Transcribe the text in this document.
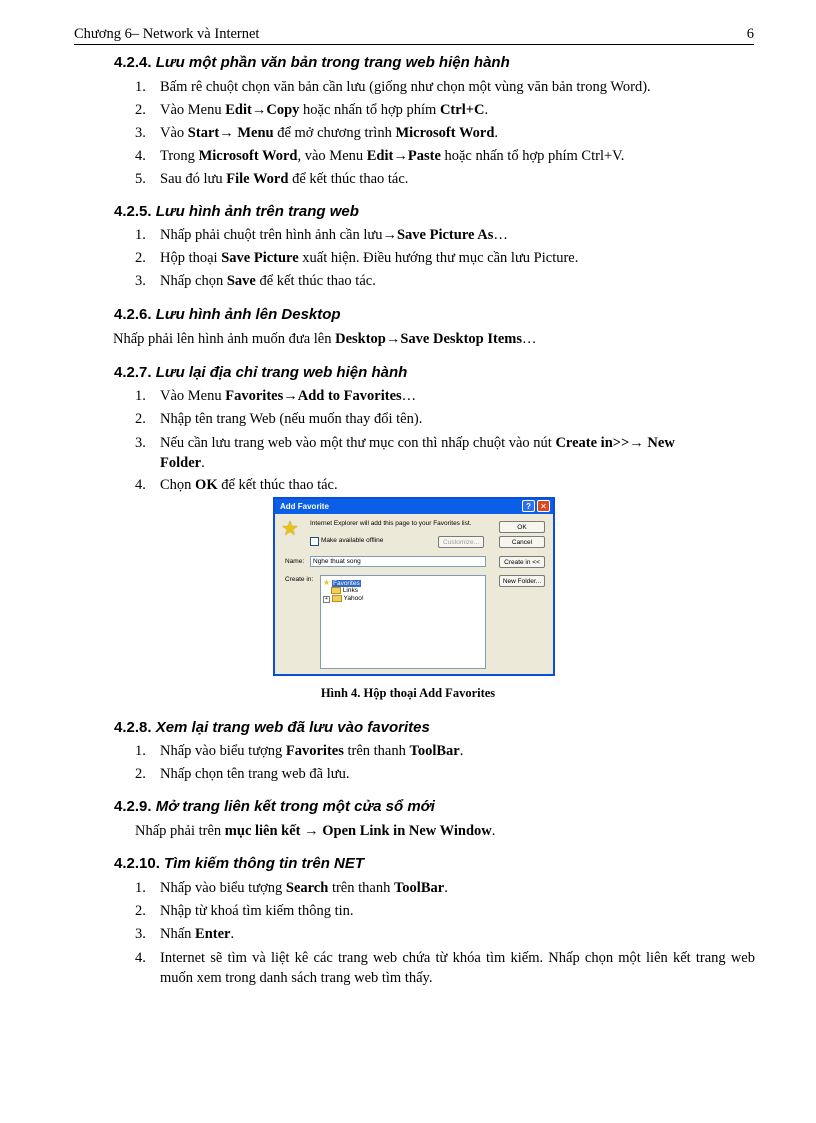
Chương 6– Network và Internet	6
4.2.4. Lưu một phần văn bản trong trang web hiện hành
1. Bấm rê chuột chọn văn bản cần lưu (giống như chọn một vùng văn bản trong Word).
2. Vào Menu Edit→Copy hoặc nhấn tổ hợp phím Ctrl+C.
3. Vào Start→ Menu để mở chương trình Microsoft Word.
4. Trong Microsoft Word, vào Menu Edit→Paste hoặc nhấn tổ hợp phím Ctrl+V.
5. Sau đó lưu File Word để kết thúc thao tác.
4.2.5. Lưu hình ảnh trên trang web
1. Nhấp phải chuột trên hình ảnh cần lưu→Save Picture As…
2. Hộp thoại Save Picture xuất hiện. Điều hướng thư mục cần lưu Picture.
3. Nhấp chọn Save để kết thúc thao tác.
4.2.6. Lưu hình ảnh lên Desktop
Nhấp phải lên hình ảnh muốn đưa lên Desktop→Save Desktop Items…
4.2.7. Lưu lại địa chỉ trang web hiện hành
1. Vào Menu Favorites→Add to Favorites…
2. Nhập tên trang Web (nếu muốn thay đổi tên).
3. Nếu cần lưu trang web vào một thư mục con thì nhấp chuột vào nút Create in>>→ New
Folder.
4. Chọn OK để kết thúc thao tác.
Add Favorite	?	✕
★ Internet Explorer will add this page to your Favorites list.
Make available offline	Customize...
OK
Cancel
Name:	Nghe thuat song	Create in <<
Create in: ★ Favorites
Links
+ Yahoo!
New Folder...
Hình 4. Hộp thoại Add Favorites
4.2.8. Xem lại trang web đã lưu vào favorites
1. Nhấp vào biểu tượng Favorites trên thanh ToolBar.
2. Nhấp chọn tên trang web đã lưu.
4.2.9. Mở trang liên kết trong một cửa sổ mới
Nhấp phải trên mục liên kết → Open Link in New Window.
4.2.10. Tìm kiếm thông tin trên NET
1. Nhấp vào biểu tượng Search trên thanh ToolBar.
2. Nhập từ khoá tìm kiếm thông tin.
3. Nhấn Enter.
4. Internet sẽ tìm và liệt kê các trang web chứa từ khóa tìm kiếm. Nhấp chọn một liên kết trang web muốn xem trong danh sách trang web tìm thấy.
